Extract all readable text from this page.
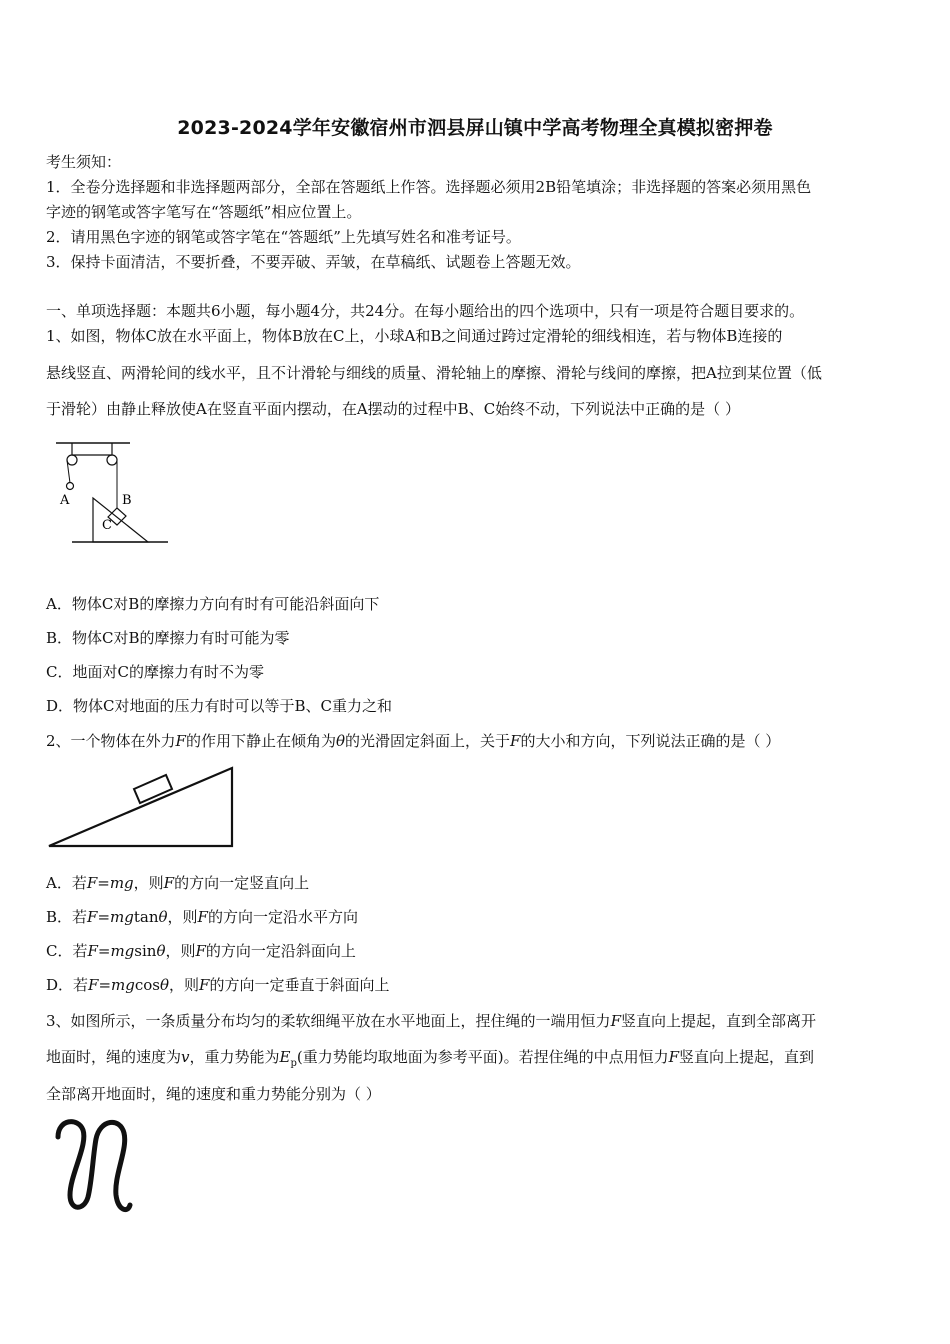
2023-2024学年安徽宿州市泗县屏山镇中学高考物理全真模拟密押卷
考生须知：
1．全卷分选择题和非选择题两部分，全部在答题纸上作答。选择题必须用2B铅笔填涂；非选择题的答案必须用黑色
字迹的钢笔或答字笔写在“答题纸”相应位置上。
2．请用黑色字迹的钢笔或答字笔在“答题纸”上先填写姓名和准考证号。
3．保持卡面清洁，不要折叠，不要弄破、弄皱，在草稿纸、试题卷上答题无效。
一、单项选择题：本题共6小题，每小题4分，共24分。在每小题给出的四个选项中，只有一项是符合题目要求的。
1、如图，物体C放在水平面上，物体B放在C上，小球A和B之间通过跨过定滑轮的细线相连，若与物体B连接的
悬线竖直、两滑轮间的线水平，且不计滑轮与细线的质量、滑轮轴上的摩擦、滑轮与线间的摩擦，把A拉到某位置（低
于滑轮）由静止释放使A在竖直平面内摆动，在A摆动的过程中B、C始终不动，下列说法中正确的是（ ）
A	B
C
A．物体C对B的摩擦力方向有时有可能沿斜面向下
B．物体C对B的摩擦力有时可能为零
C．地面对C的摩擦力有时不为零
D．物体C对地面的压力有时可以等于B、C重力之和
2、一个物体在外力F的作用下静止在倾角为θ的光滑固定斜面上，关于F的大小和方向，下列说法正确的是（ ）
A．若F=mg，则F的方向一定竖直向上
B．若F=mgtanθ，则F的方向一定沿水平方向
C．若F=mgsinθ，则F的方向一定沿斜面向上
D．若F=mgcosθ，则F的方向一定垂直于斜面向上
3、如图所示，一条质量分布均匀的柔软细绳平放在水平地面上，捏住绳的一端用恒力F竖直向上提起，直到全部离开
地面时，绳的速度为v，重力势能为$E_p$(重力势能均取地面为参考平面)。若捏住绳的中点用恒力F竖直向上提起，直到
全部离开地面时，绳的速度和重力势能分别为（ ）
